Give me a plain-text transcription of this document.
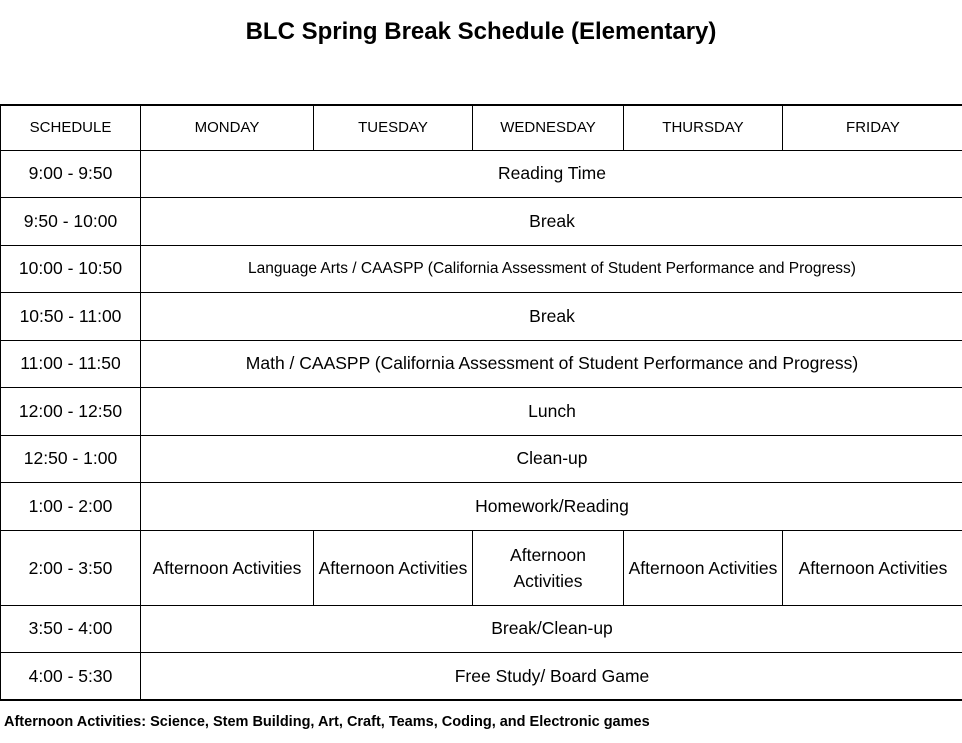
BLC Spring Break Schedule (Elementary)
SCHEDULE	MONDAY	TUESDAY	WEDNESDAY	THURSDAY	FRIDAY
9:00 - 9:50	Reading Time				
9:50 - 10:00	Break				
10:00 - 10:50	Language Arts / CAASPP (California Assessment of Student Performance and Progress)				
10:50 - 11:00	Break				
11:00 - 11:50	Math / CAASPP (California Assessment of Student Performance and Progress)				
12:00 - 12:50	Lunch				
12:50 - 1:00	Clean-up				
1:00 - 2:00	Homework/Reading				
2:00 - 3:50	Afternoon Activities	Afternoon Activities	Afternoon Activities	Afternoon Activities	Afternoon Activities
3:50 - 4:00	Break/Clean-up				
4:00 - 5:30	Free Study/ Board Game				
Afternoon Activities: Science, Stem Building, Art, Craft, Teams, Coding, and Electronic games
